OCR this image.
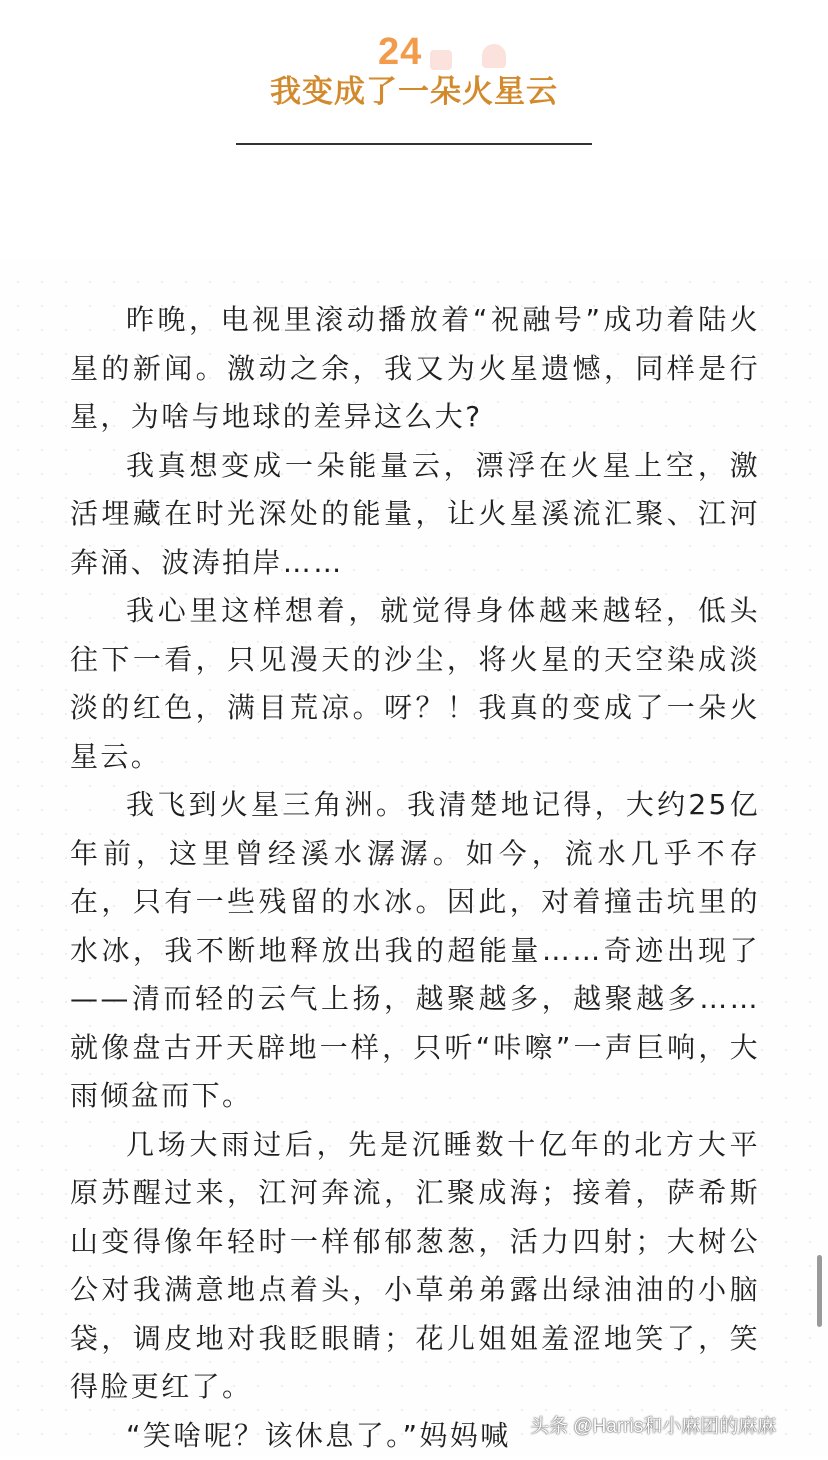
24
我变成了一朵火星云

昨晚，电视里滚动播放着“祝融号”成功着陆火星的新闻。激动之余，我又为火星遗憾，同样是行星，为啥与地球的差异这么大?

我真想变成一朵能量云，漂浮在火星上空，激活埋藏在时光深处的能量，让火星溪流汇聚、江河奔涌、波涛拍岸……

我心里这样想着，就觉得身体越来越轻，低头往下一看，只见漫天的沙尘，将火星的天空染成淡淡的红色，满目荒凉。呀？！我真的变成了一朵火星云。

我飞到火星三角洲。我清楚地记得，大约25亿年前，这里曾经溪水潺潺。如今，流水几乎不存在，只有一些残留的水冰。因此，对着撞击坑里的水冰，我不断地释放出我的超能量……奇迹出现了——清而轻的云气上扬，越聚越多，越聚越多……就像盘古开天辟地一样，只听“咔嚓”一声巨响，大雨倾盆而下。

几场大雨过后，先是沉睡数十亿年的北方大平原苏醒过来，江河奔流，汇聚成海；接着，萨希斯山变得像年轻时一样郁郁葱葱，活力四射；大树公公对我满意地点着头，小草弟弟露出绿油油的小脑袋，调皮地对我眨眼睛；花儿姐姐羞涩地笑了，笑得脸更红了。

“笑啥呢？该休息了。”妈妈喊	头条 @Harris和小麻团的麻麻
